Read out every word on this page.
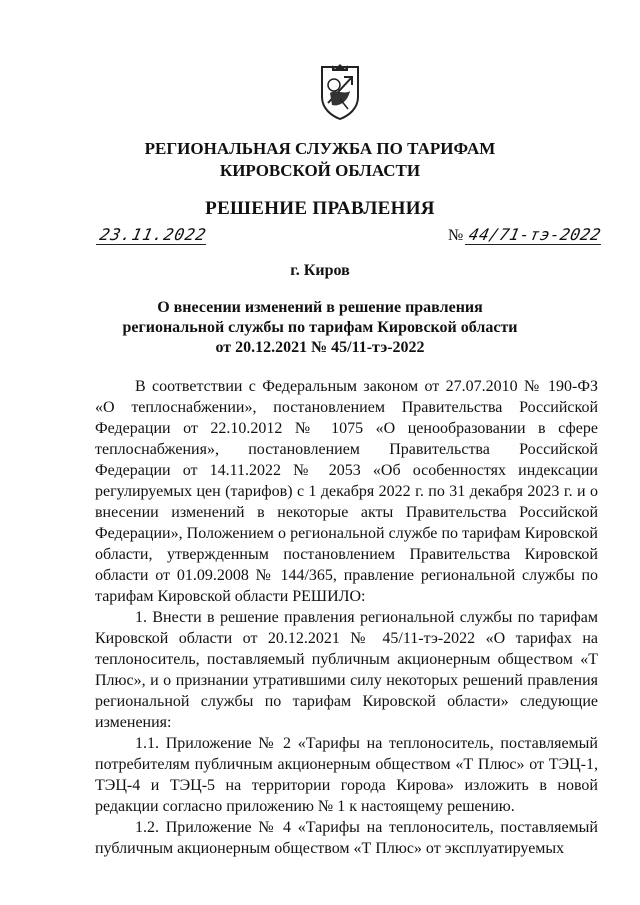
РЕГИОНАЛЬНАЯ СЛУЖБА ПО ТАРИФАМ
КИРОВСКОЙ ОБЛАСТИ
РЕШЕНИЕ ПРАВЛЕНИЯ
23.11.2022	№ 44/71-тэ-2022
г. Киров
О внесении изменений в решение правления
региональной службы по тарифам Кировской области
от 20.12.2021 № 45/11-тэ-2022

В соответствии с Федеральным законом от 27.07.2010 № 190-ФЗ «О теплоснабжении», постановлением Правительства Российской Федерации от 22.10.2012 № 1075 «О ценообразовании в сфере теплоснабжения», постановлением Правительства Российской Федерации от 14.11.2022 № 2053 «Об особенностях индексации регулируемых цен (тарифов) с 1 декабря 2022 г. по 31 декабря 2023 г. и о внесении изменений в некоторые акты Правительства Российской Федерации», Положением о региональной службе по тарифам Кировской области, утвержденным постановлением Правительства Кировской области от 01.09.2008 № 144/365, правление региональной службы по тарифам Кировской области РЕШИЛО:

1. Внести в решение правления региональной службы по тарифам Кировской области от 20.12.2021 № 45/11-тэ-2022 «О тарифах на теплоноситель, поставляемый публичным акционерным обществом «Т Плюс», и о признании утратившими силу некоторых решений правления региональной службы по тарифам Кировской области» следующие изменения:

1.1. Приложение № 2 «Тарифы на теплоноситель, поставляемый потребителям публичным акционерным обществом «Т Плюс» от ТЭЦ-1, ТЭЦ-4 и ТЭЦ-5 на территории города Кирова» изложить в новой редакции согласно приложению № 1 к настоящему решению.

1.2. Приложение № 4 «Тарифы на теплоноситель, поставляемый публичным акционерным обществом «Т Плюс» от эксплуатируемых
